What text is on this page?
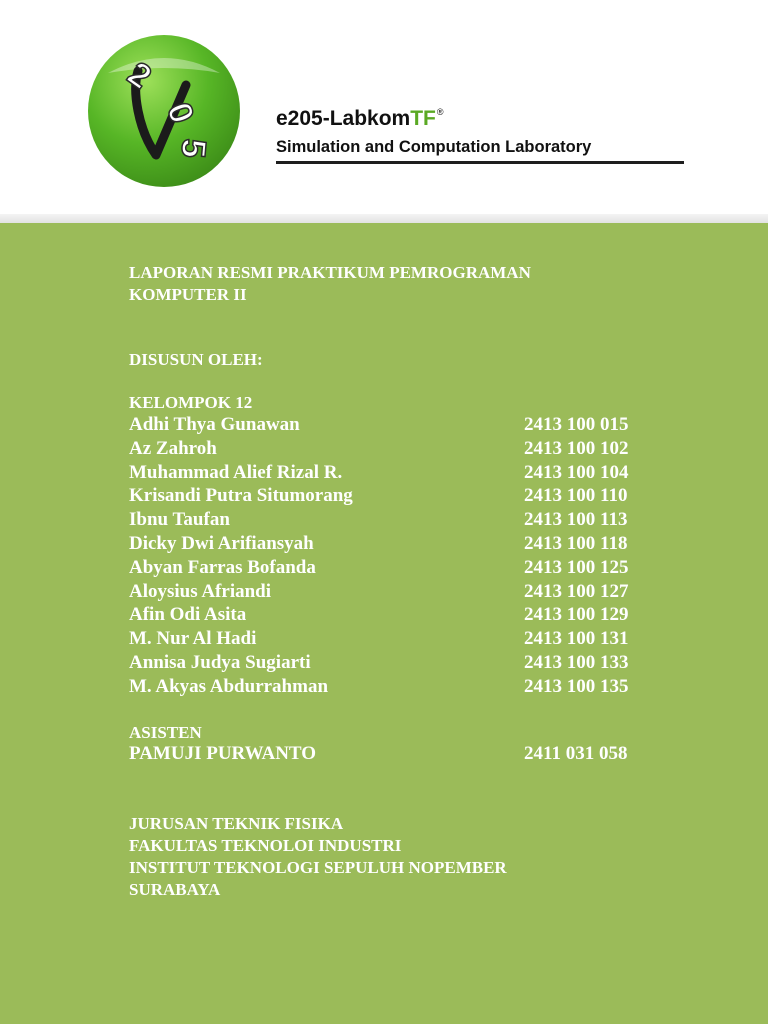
2
0
5
e205-LabkomTF®
Simulation and Computation Laboratory

LAPORAN RESMI PRAKTIKUM PEMROGRAMAN

KOMPUTER II

DISUSUN OLEH:

KELOMPOK 12

Adhi Thya Gunawan	2413 100 015
Az Zahroh	2413 100 102
Muhammad Alief Rizal R.	2413 100 104
Krisandi Putra Situmorang	2413 100 110
Ibnu Taufan	2413 100 113
Dicky Dwi Arifiansyah	2413 100 118
Abyan Farras Bofanda	2413 100 125
Aloysius Afriandi	2413 100 127
Afin Odi Asita	2413 100 129
M. Nur Al Hadi	2413 100 131
Annisa Judya Sugiarti	2413 100 133
M. Akyas Abdurrahman	2413 100 135

ASISTEN

PAMUJI PURWANTO	2411 031 058

JURUSAN TEKNIK FISIKA

FAKULTAS TEKNOLOI INDUSTRI

INSTITUT TEKNOLOGI SEPULUH NOPEMBER

SURABAYA
